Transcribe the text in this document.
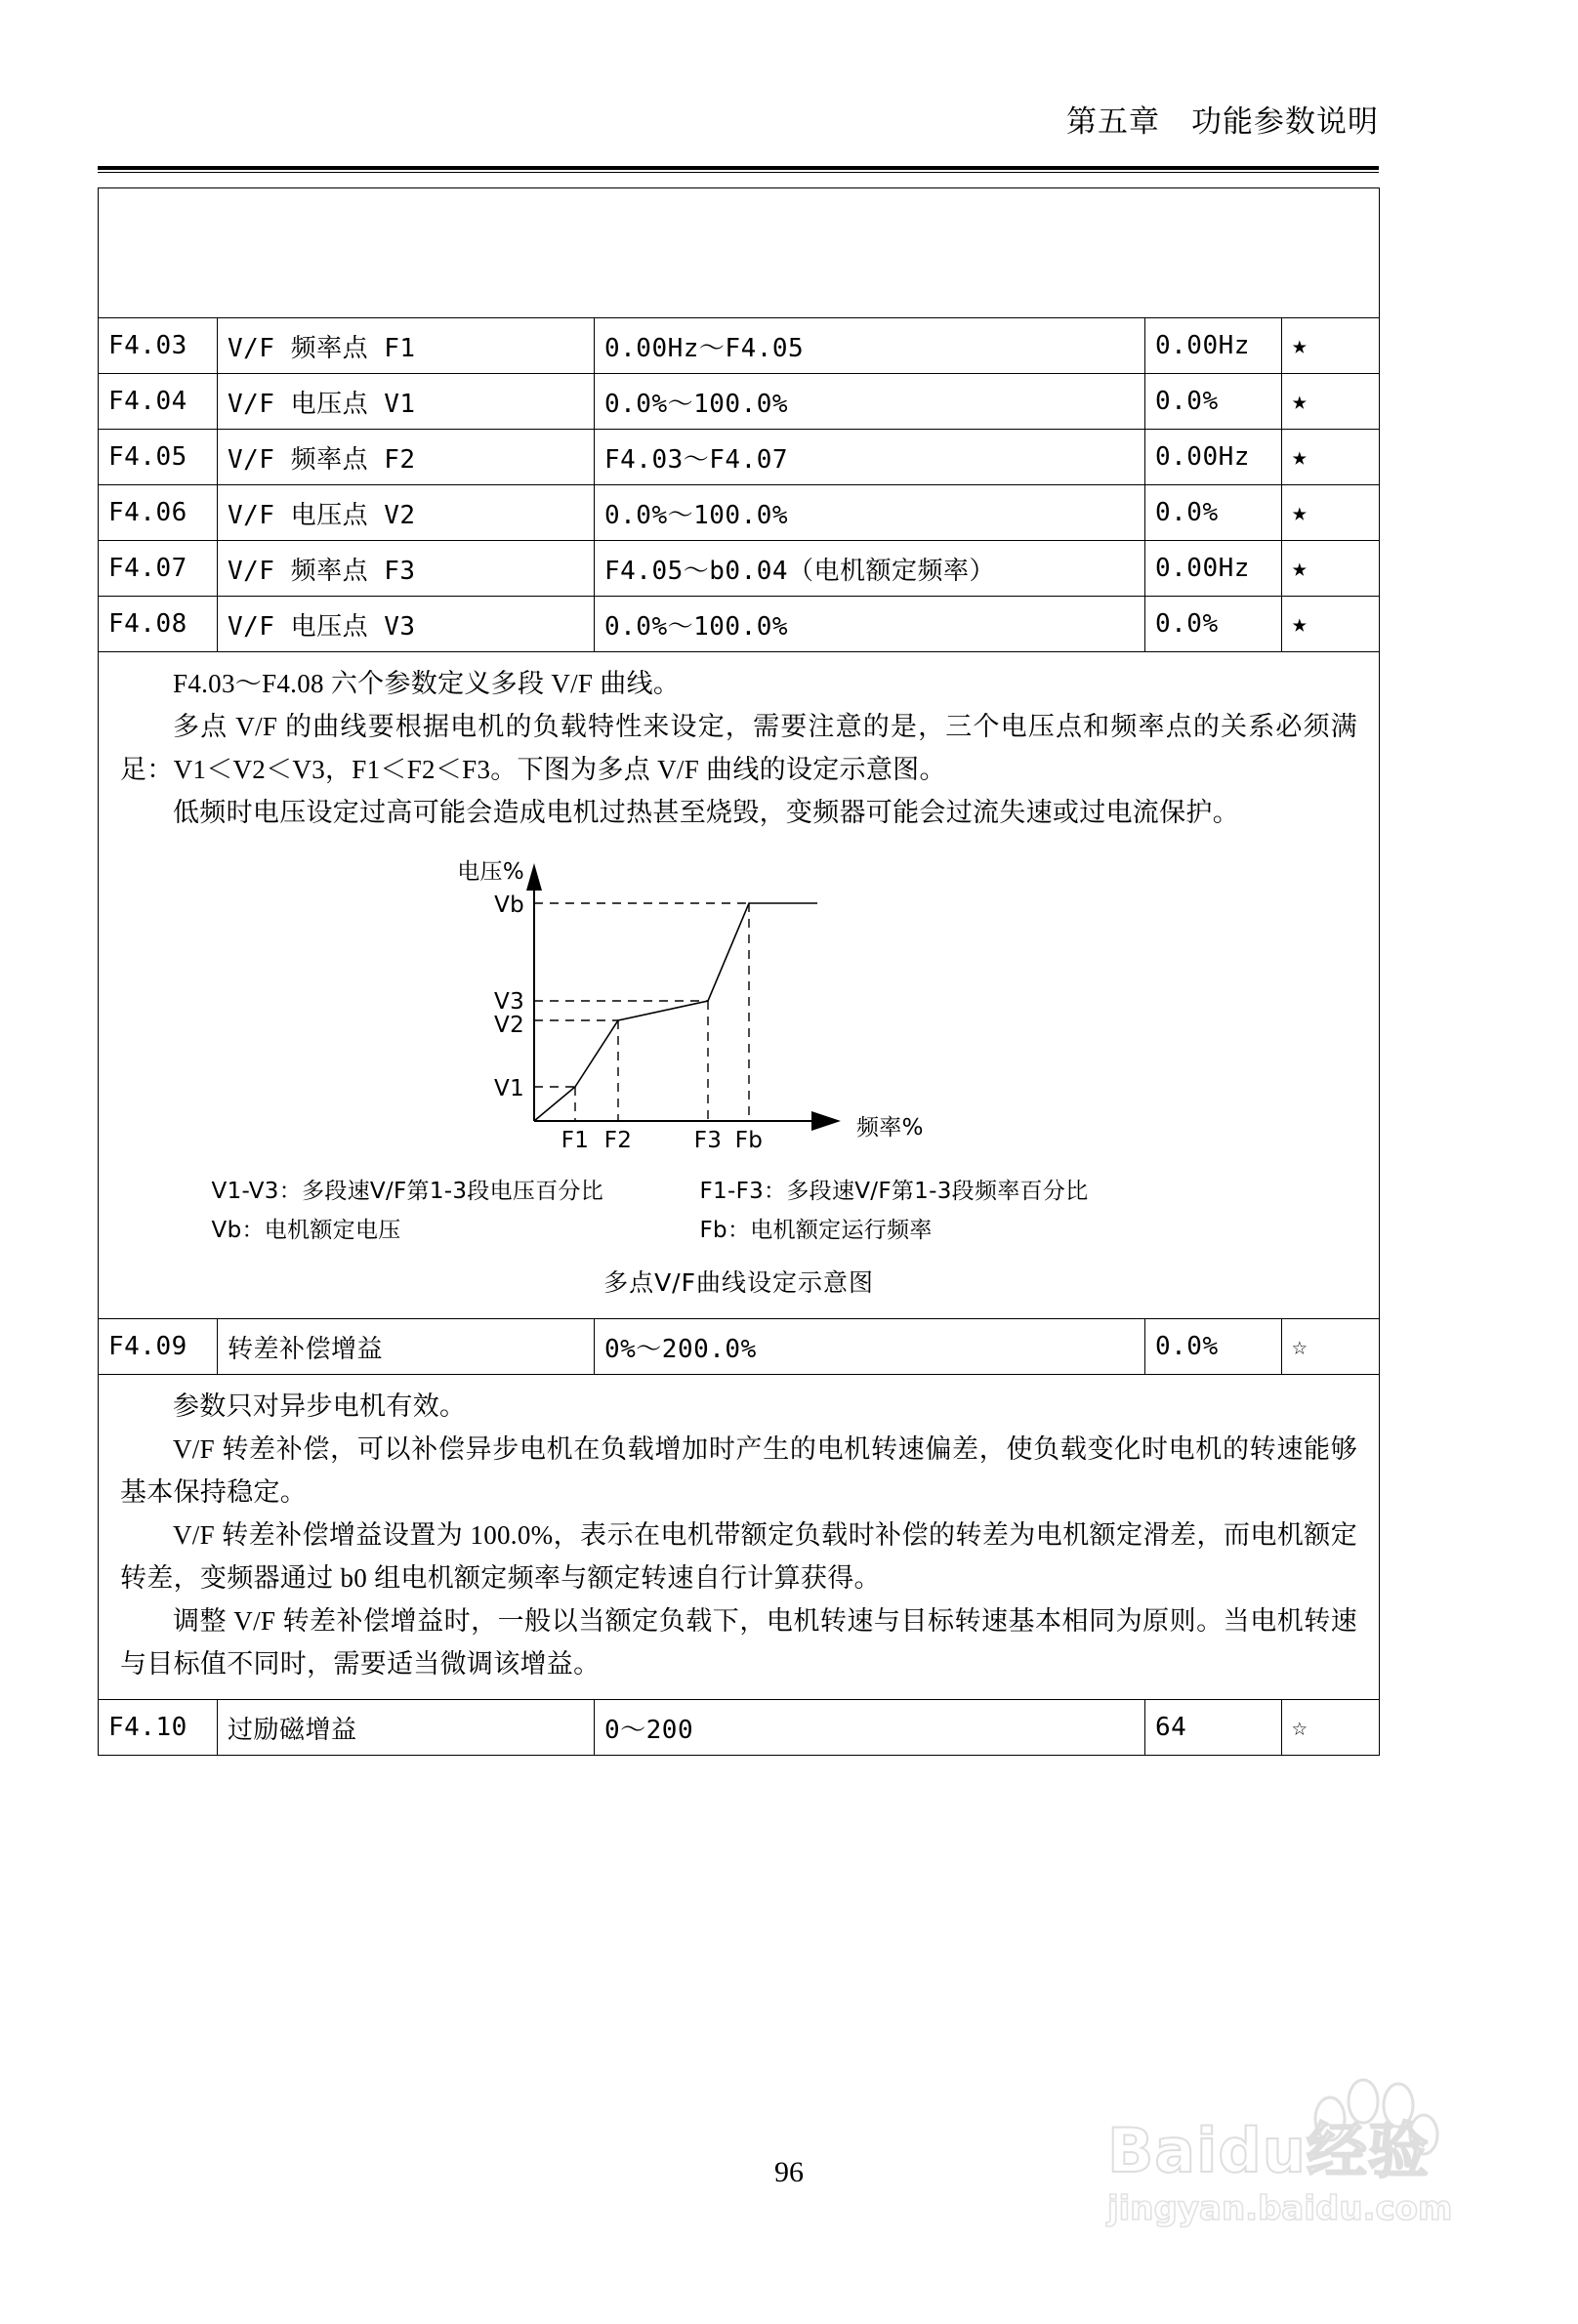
第五章　功能参数说明

F4.03	V/F 频率点 F1	0.00Hz～F4.05	0.00Hz	★
F4.04	V/F 电压点 V1	0.0%～100.0%	0.0%	★
F4.05	V/F 频率点 F2	F4.03～F4.07	0.00Hz	★
F4.06	V/F 电压点 V2	0.0%～100.0%	0.0%	★
F4.07	V/F 频率点 F3	F4.05～b0.04（电机额定频率）	0.00Hz	★
F4.08	V/F 电压点 V3	0.0%～100.0%	0.0%	★

F4.03～F4.08 六个参数定义多段 V/F 曲线。

多点 V/F 的曲线要根据电机的负载特性来设定，需要注意的是，三个电压点和频率点的关系必须满足：V1＜V2＜V3，F1＜F2＜F3。下图为多点 V/F 曲线的设定示意图。

低频时电压设定过高可能会造成电机过热甚至烧毁，变频器可能会过流失速或过电流保护。

Vb
V3
V2
V1
F1 F2	F3 Fb
电压%
频率%
V1-V3：多段速V/F第1-3段电压百分比	F1-F3：多段速V/F第1-3段频率百分比
Vb：电机额定电压	Fb：电机额定运行频率
多点V/F曲线设定示意图

F4.09	转差补偿增益	0%～200.0%	0.0%	☆

参数只对异步电机有效。

V/F 转差补偿，可以补偿异步电机在负载增加时产生的电机转速偏差，使负载变化时电机的转速能够基本保持稳定。

V/F 转差补偿增益设置为 100.0%，表示在电机带额定负载时补偿的转差为电机额定滑差，而电机额定转差，变频器通过 b0 组电机额定频率与额定转速自行计算获得。

调整 V/F 转差补偿增益时，一般以当额定负载下，电机转速与目标转速基本相同为原则。当电机转速与目标值不同时，需要适当微调该增益。				

F4.10	过励磁增益	0～200	64	☆
96	Baidu经验
jingyan.baidu.com
